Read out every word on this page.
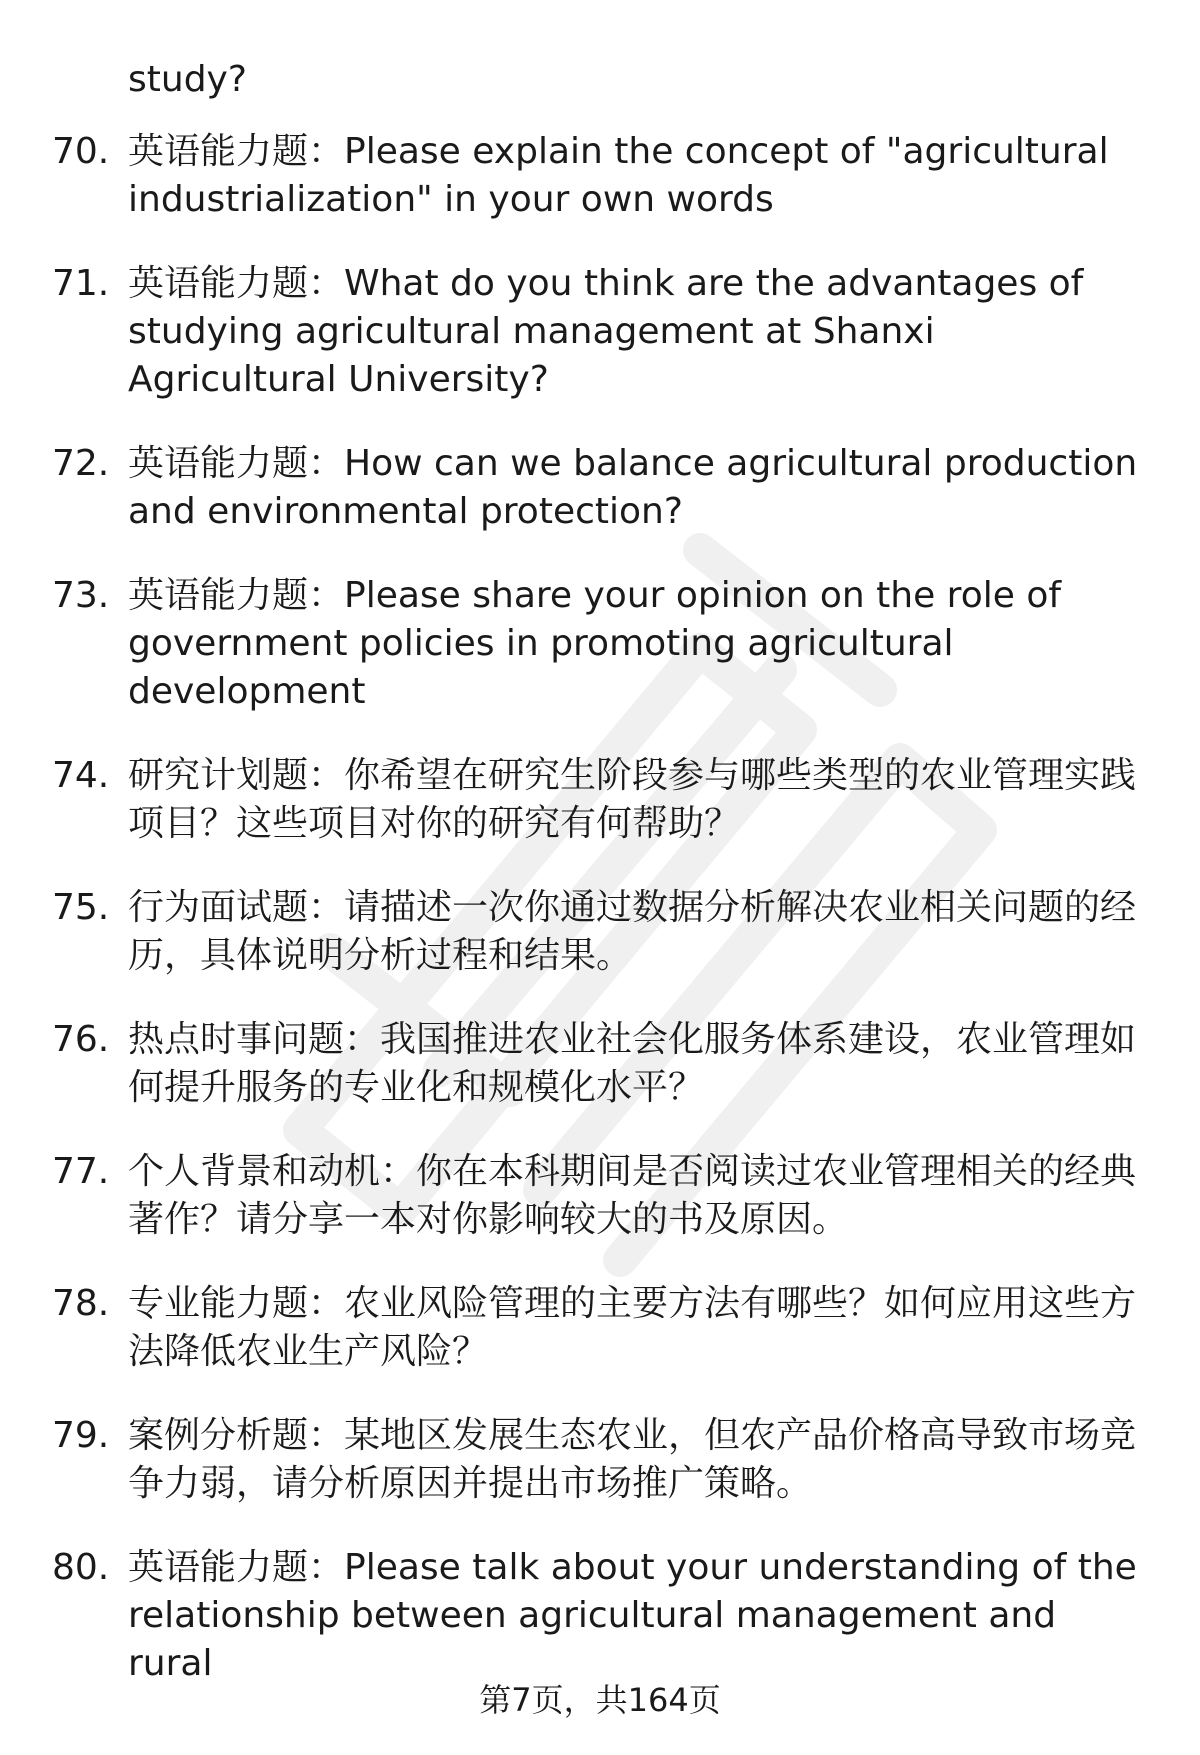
study?
70. 英语能力题：Please explain the concept of "agricultural industrialization" in your own words
71. 英语能力题：What do you think are the advantages of studying agricultural management at Shanxi Agricultural University?
72. 英语能力题：How can we balance agricultural production and environmental protection?
73. 英语能力题：Please share your opinion on the role of government policies in promoting agricultural development
74. 研究计划题：你希望在研究生阶段参与哪些类型的农业管理实践项目？这些项目对你的研究有何帮助？
75. 行为面试题：请描述一次你通过数据分析解决农业相关问题的经历，具体说明分析过程和结果。
76. 热点时事问题：我国推进农业社会化服务体系建设，农业管理如何提升服务的专业化和规模化水平？
77. 个人背景和动机：你在本科期间是否阅读过农业管理相关的经典著作？请分享一本对你影响较大的书及原因。
78. 专业能力题：农业风险管理的主要方法有哪些？如何应用这些方法降低农业生产风险？
79. 案例分析题：某地区发展生态农业，但农产品价格高导致市场竞争力弱，请分析原因并提出市场推广策略。
80. 英语能力题：Please talk about your understanding of the relationship between agricultural management and rural
第7页，共164页
